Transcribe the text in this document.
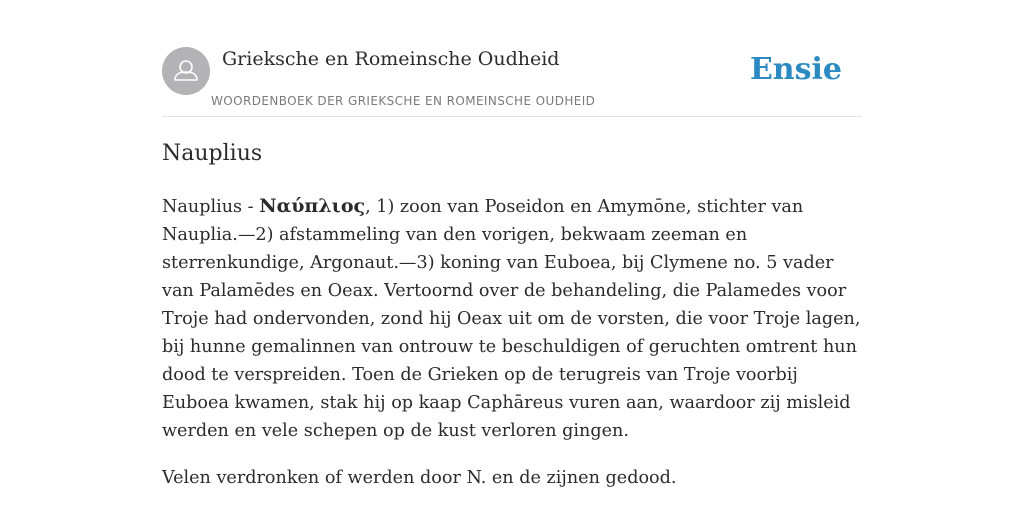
Grieksche en Romeinsche Oudheid
WOORDENBOEK DER GRIEKSCHE EN ROMEINSCHE OUDHEID
Ensie
Nauplius

Nauplius - Ναύπλιος, 1) zoon van Poseidon en Amymōne, stichter van Nauplia.—2) afstammeling van den vorigen, bekwaam zeeman en sterrenkundige, Argonaut.—3) koning van Euboea, bij Clymene no. 5 vader van Palamēdes en Oeax. Vertoornd over de behandeling, die Palamedes voor Troje had ondervonden, zond hij Oeax uit om de vorsten, die voor Troje lagen, bij hunne gemalinnen van ontrouw te beschuldigen of geruchten omtrent hun dood te verspreiden. Toen de Grieken op de terugreis van Troje voorbij Euboea kwamen, stak hij op kaap Caphāreus vuren aan, waardoor zij misleid werden en vele schepen op de kust verloren gingen.

Velen verdronken of werden door N. en de zijnen gedood.
